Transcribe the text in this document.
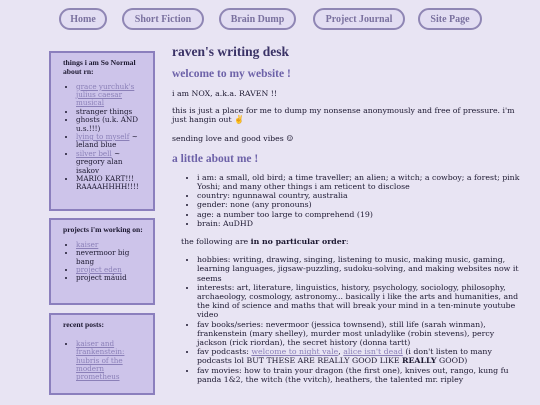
Home	Short Fiction	Brain Dump	Project Journal	Site Page
things i am So Normal about rn:
• grace yurchuk's julius caesar musical
• stranger things
• ghosts (u.k. AND u.s.!!!)
• lying to myself ~ leland blue
• silver bell ~ gregory alan isakov
• MARIO KART!!! RAAAAHHHH!!!!
projects i'm working on:
• kaiser
• nevermoor big bang
• project eden
• project máuid
recent posts:
• kaiser and frankenstein: hubris of the modern prometheus
raven's writing desk
welcome to my website !

i am NOX, a.k.a. RAVEN !!

this is just a place for me to dump my nonsense anonymously and free of pressure. i'm just hangin out ✌

sending love and good vibes ☺

a little about me !
• i am: a small, old bird; a time traveller; an alien; a witch; a cowboy; a forest; pink Yoshi; and many other things i am reticent to disclose
• country: ngunnawal country, australia
• gender: none (any pronouns)
• age: a number too large to comprehend (19)
• brain: AuDHD

the following are in no particular order:

• hobbies: writing, drawing, singing, listening to music, making music, gaming, learning languages, jigsaw-puzzling, sudoku-solving, and making websites now it seems
• interests: art, literature, linguistics, history, psychology, sociology, philosophy, archaeology, cosmology, astronomy... basically i like the arts and humanities, and the kind of science and maths that will break your mind in a ten-minute youtube video
• fav books/series: nevermoor (jessica townsend), still life (sarah winman), frankenstein (mary shelley), murder most unladylike (robin stevens), percy jackson (rick riordan), the secret history (donna tartt)
• fav podcasts: welcome to night vale, alice isn't dead (i don't listen to many podcasts lol BUT THESE ARE REALLY GOOD LIKE REALLY GOOD)
• fav movies: how to train your dragon (the first one), knives out, rango, kung fu panda 1&2, the witch (the vvitch), heathers, the talented mr. ripley
